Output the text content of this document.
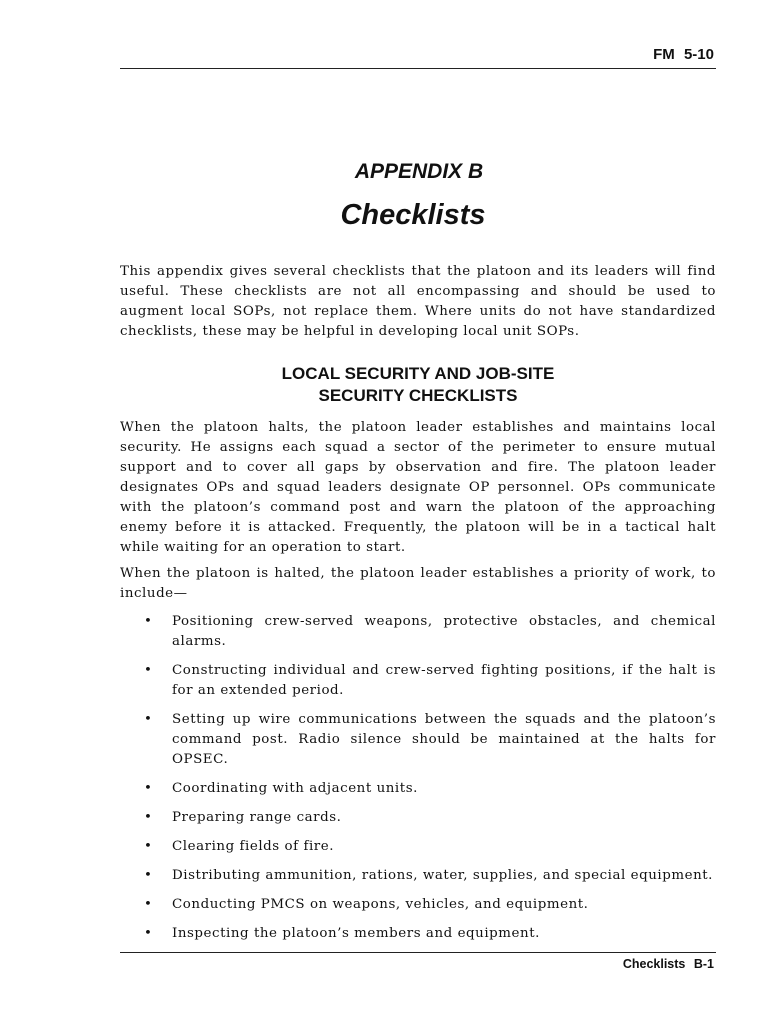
FM 5-10

APPENDIX B
Checklists

This appendix gives several checklists that the platoon and its leaders will find useful. These checklists are not all encompassing and should be used to augment local SOPs, not replace them. Where units do not have standardized checklists, these may be helpful in developing local unit SOPs.

LOCAL SECURITY AND JOB-SITE
SECURITY CHECKLISTS

When the platoon halts, the platoon leader establishes and maintains local security. He assigns each squad a sector of the perimeter to ensure mutual support and to cover all gaps by observation and fire. The platoon leader designates OPs and squad leaders designate OP personnel. OPs communicate with the platoon’s command post and warn the platoon of the approaching enemy before it is attacked. Frequently, the platoon will be in a tactical halt while waiting for an operation to start.

When the platoon is halted, the platoon leader establishes a priority of work, to include—

• Positioning crew-served weapons, protective obstacles, and chemical alarms.
• Constructing individual and crew-served fighting positions, if the halt is for an extended period.
• Setting up wire communications between the squads and the platoon’s command post. Radio silence should be maintained at the halts for OPSEC.
• Coordinating with adjacent units.
• Preparing range cards.
• Clearing fields of fire.
• Distributing ammunition, rations, water, supplies, and special equipment.
• Conducting PMCS on weapons, vehicles, and equipment.
• Inspecting the platoon’s members and equipment.

Checklists B-1
